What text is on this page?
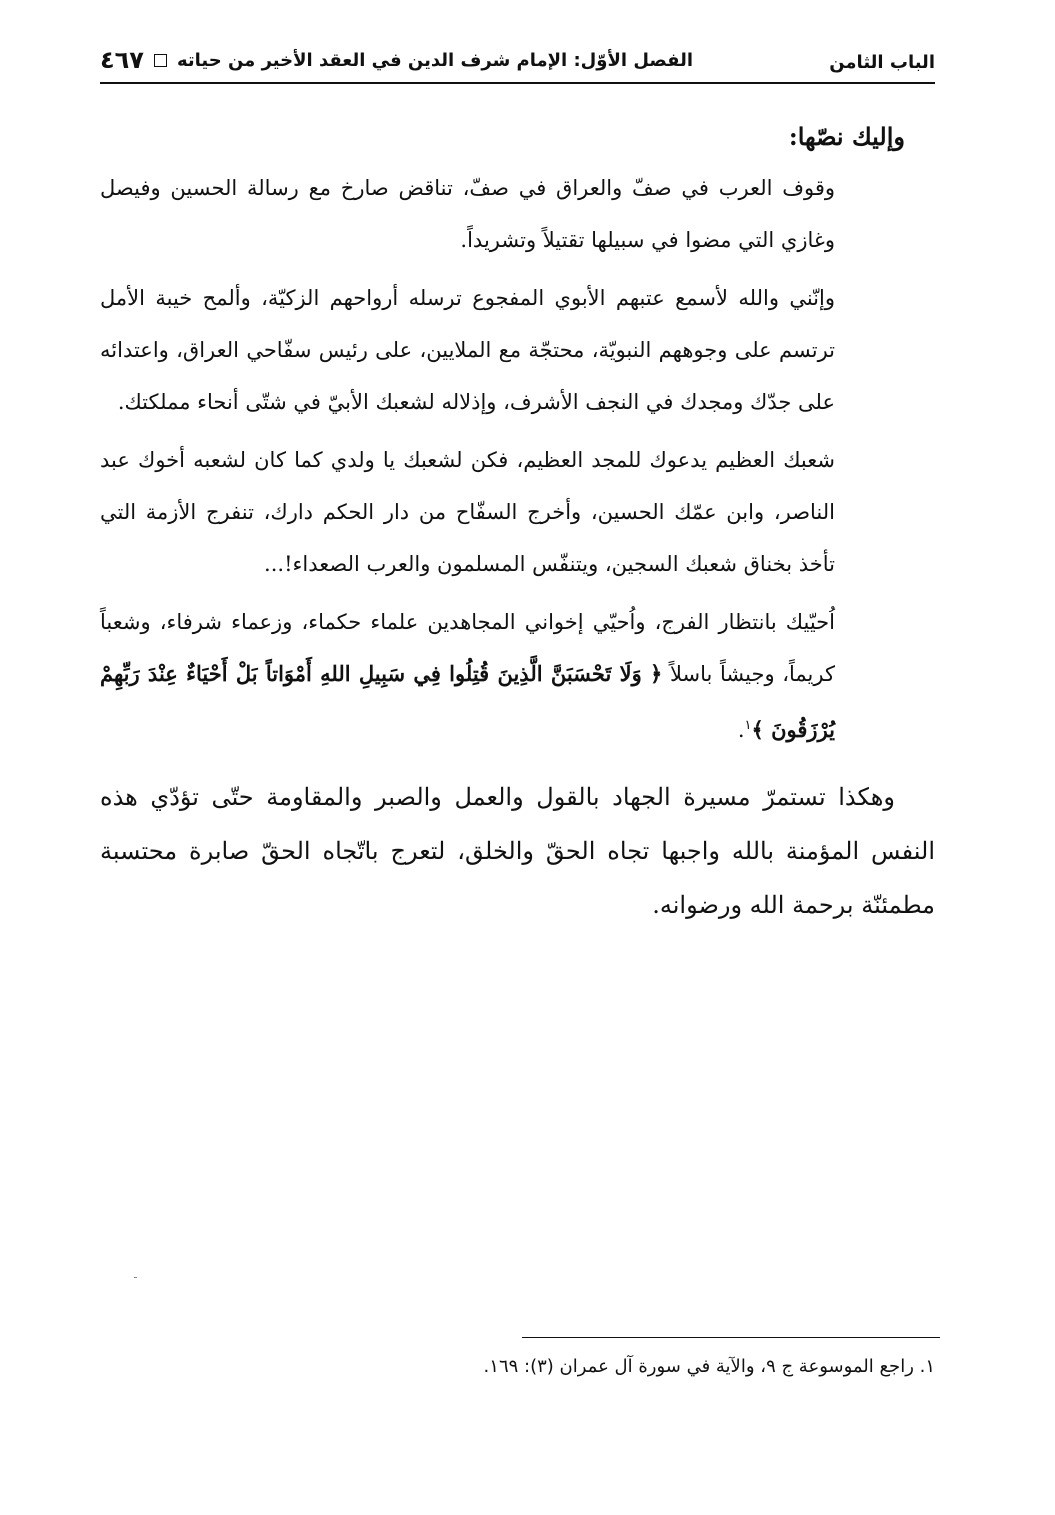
الباب الثامن
الفصل الأوّل: الإمام شرف الدين في العقد الأخير من حياته
٤٦٧

وإليك نصّها:

وقوف العرب في صفّ والعراق في صفّ، تناقض صارخ مع رسالة الحسين وفيصل وغازي التي مضوا في سبيلها تقتيلاً وتشريداً.

وإنّني والله لأسمع عتبهم الأبوي المفجوع ترسله أرواحهم الزكيّة، وألمح خيبة الأمل ترتسم على وجوههم النبويّة، محتجّة مع الملايين، على رئيس سفّاحي العراق، واعتدائه على جدّك ومجدك في النجف الأشرف، وإذلاله لشعبك الأبيّ في شتّى أنحاء مملكتك.

شعبك العظيم يدعوك للمجد العظيم، فكن لشعبك يا ولدي كما كان لشعبه أخوك عبد الناصر، وابن عمّك الحسين، وأخرج السفّاح من دار الحكم دارك، تنفرج الأزمة التي تأخذ بخناق شعبك السجين، ويتنفّس المسلمون والعرب الصعداء!...

اُحيّيك بانتظار الفرج، واُحيّي إخواني المجاهدين علماء حكماء، وزعماء شرفاء، وشعباً كريماً، وجيشاً باسلاً ﴿ وَلَا تَحْسَبَنَّ الَّذِينَ قُتِلُوا فِي سَبِيلِ اللهِ أَمْوَاتاً بَلْ أَحْيَاءٌ عِنْدَ رَبِّهِمْ يُرْزَقُونَ ﴾$^١$.

وهكذا تستمرّ مسيرة الجهاد بالقول والعمل والصبر والمقاومة حتّى تؤدّي هذه النفس المؤمنة بالله واجبها تجاه الحقّ والخلق، لتعرج باتّجاه الحقّ صابرة محتسبة مطمئنّة برحمة الله ورضوانه.

١. راجع الموسوعة ج ٩، والآية في سورة آل عمران (٣): ١٦٩.
